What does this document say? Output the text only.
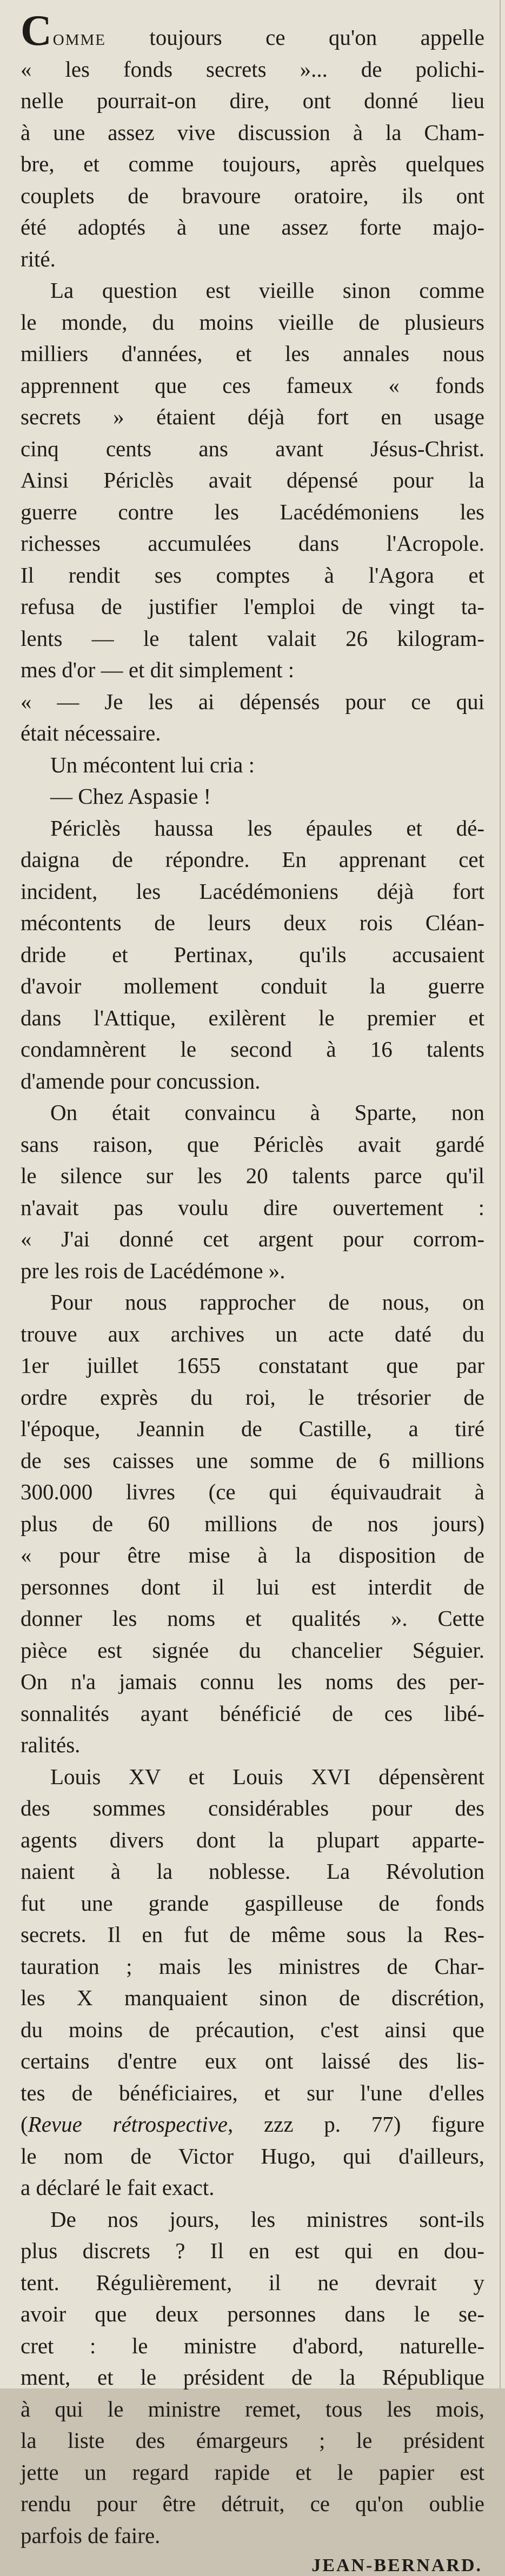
Comme toujours ce qu'on appelle
« les fonds secrets »... de polichi-
nelle pourrait-on dire, ont donné lieu
à une assez vive discussion à la Cham-
bre, et comme toujours, après quelques
couplets de bravoure oratoire, ils ont
été adoptés à une assez forte majo-
rité.

La question est vieille sinon comme
le monde, du moins vieille de plusieurs
milliers d'années, et les annales nous
apprennent que ces fameux « fonds
secrets » étaient déjà fort en usage
cinq cents ans avant Jésus-Christ.
Ainsi Périclès avait dépensé pour la
guerre contre les Lacédémoniens les
richesses accumulées dans l'Acropole.
Il rendit ses comptes à l'Agora et
refusa de justifier l'emploi de vingt ta-
lents — le talent valait 26 kilogram-
mes d'or — et dit simplement :
« — Je les ai dépensés pour ce qui
était nécessaire.

Un mécontent lui cria :

— Chez Aspasie !

Périclès haussa les épaules et dé-
daigna de répondre. En apprenant cet
incident, les Lacédémoniens déjà fort
mécontents de leurs deux rois Cléan-
dride et Pertinax, qu'ils accusaient
d'avoir mollement conduit la guerre
dans l'Attique, exilèrent le premier et
condamnèrent le second à 16 talents
d'amende pour concussion.

On était convaincu à Sparte, non
sans raison, que Périclès avait gardé
le silence sur les 20 talents parce qu'il
n'avait pas voulu dire ouvertement :
« J'ai donné cet argent pour corrom-
pre les rois de Lacédémone ».

Pour nous rapprocher de nous, on
trouve aux archives un acte daté du
1er juillet 1655 constatant que par
ordre exprès du roi, le trésorier de
l'époque, Jeannin de Castille, a tiré
de ses caisses une somme de 6 millions
300.000 livres (ce qui équivaudrait à
plus de 60 millions de nos jours)
« pour être mise à la disposition de
personnes dont il lui est interdit de
donner les noms et qualités ». Cette
pièce est signée du chancelier Séguier.
On n'a jamais connu les noms des per-
sonnalités ayant bénéficié de ces libé-
ralités.

Louis XV et Louis XVI dépensèrent
des sommes considérables pour des
agents divers dont la plupart apparte-
naient à la noblesse. La Révolution
fut une grande gaspilleuse de fonds
secrets. Il en fut de même sous la Res-
tauration ; mais les ministres de Char-
les X manquaient sinon de discrétion,
du moins de précaution, c'est ainsi que
certains d'entre eux ont laissé des lis-
tes de bénéficiaires, et sur l'une d'elles
(Revue rétrospective, zzz p. 77) figure
le nom de Victor Hugo, qui d'ailleurs,
a déclaré le fait exact.

De nos jours, les ministres sont-ils
plus discrets ? Il en est qui en dou-
tent. Régulièrement, il ne devrait y
avoir que deux personnes dans le se-
cret : le ministre d'abord, naturelle-
ment, et le président de la République
à qui le ministre remet, tous les mois,
la liste des émargeurs ; le président
jette un regard rapide et le papier est
rendu pour être détruit, ce qu'on oublie
parfois de faire.

JEAN-BERNARD.
